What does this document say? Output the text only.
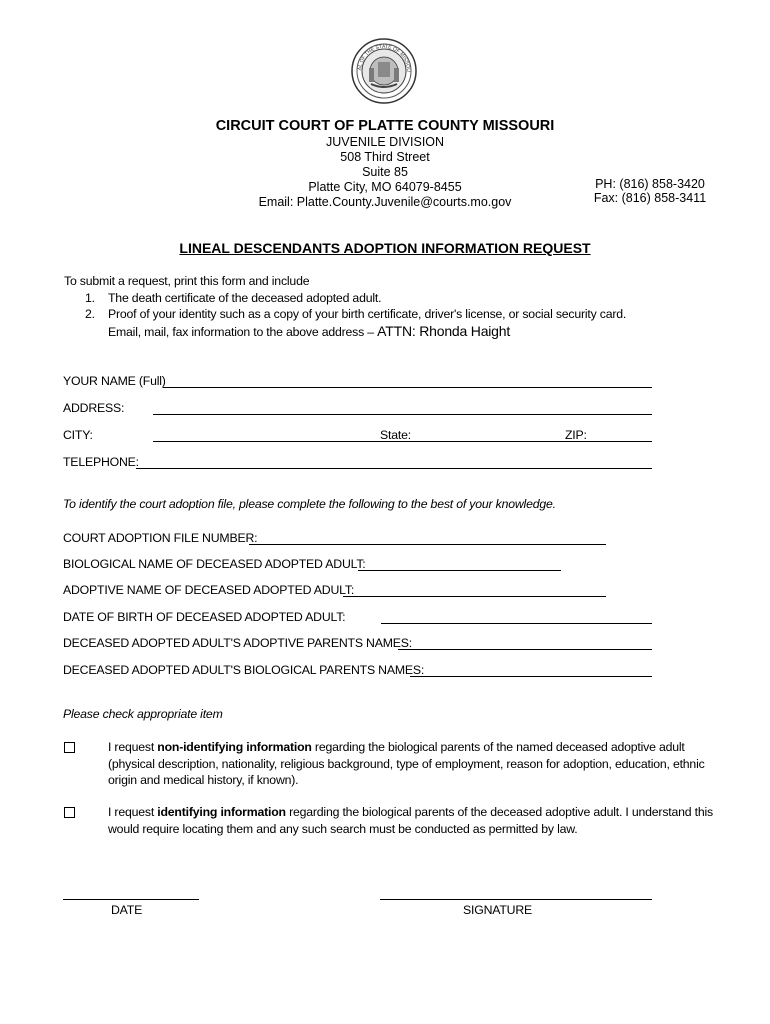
AL OF THE STATE OF MISSOU
CIRCUIT COURT OF PLATTE COUNTY MISSOURI
JUVENILE DIVISION
508 Third Street
Suite 85
Platte City, MO 64079-8455
Email: Platte.County.Juvenile@courts.mo.gov
PH: (816) 858-3420
Fax: (816) 858-3411
LINEAL DESCENDANTS ADOPTION INFORMATION REQUEST
To submit a request, print this form and include
1. The death certificate of the deceased adopted adult.
2. Proof of your identity such as a copy of your birth certificate, driver's license, or social security card.
Email, mail, fax information to the above address – ATTN: Rhonda Haight
YOUR NAME (Full)
ADDRESS:
CITY:	State:	ZIP:
TELEPHONE:
To identify the court adoption file, please complete the following to the best of your knowledge.
COURT ADOPTION FILE NUMBER:
BIOLOGICAL NAME OF DECEASED ADOPTED ADULT:
ADOPTIVE NAME OF DECEASED ADOPTED ADULT:
DATE OF BIRTH OF DECEASED ADOPTED ADULT:
DECEASED ADOPTED ADULT'S ADOPTIVE PARENTS NAMES:
DECEASED ADOPTED ADULT'S BIOLOGICAL PARENTS NAMES:
Please check appropriate item
I request non-identifying information regarding the biological parents of the named deceased adoptive adult
(physical description, nationality, religious background, type of employment, reason for adoption, education, ethnic
origin and medical history, if known).
I request identifying information regarding the biological parents of the deceased adoptive adult. I understand this
would require locating them and any such search must be conducted as permitted by law.
DATE	SIGNATURE
